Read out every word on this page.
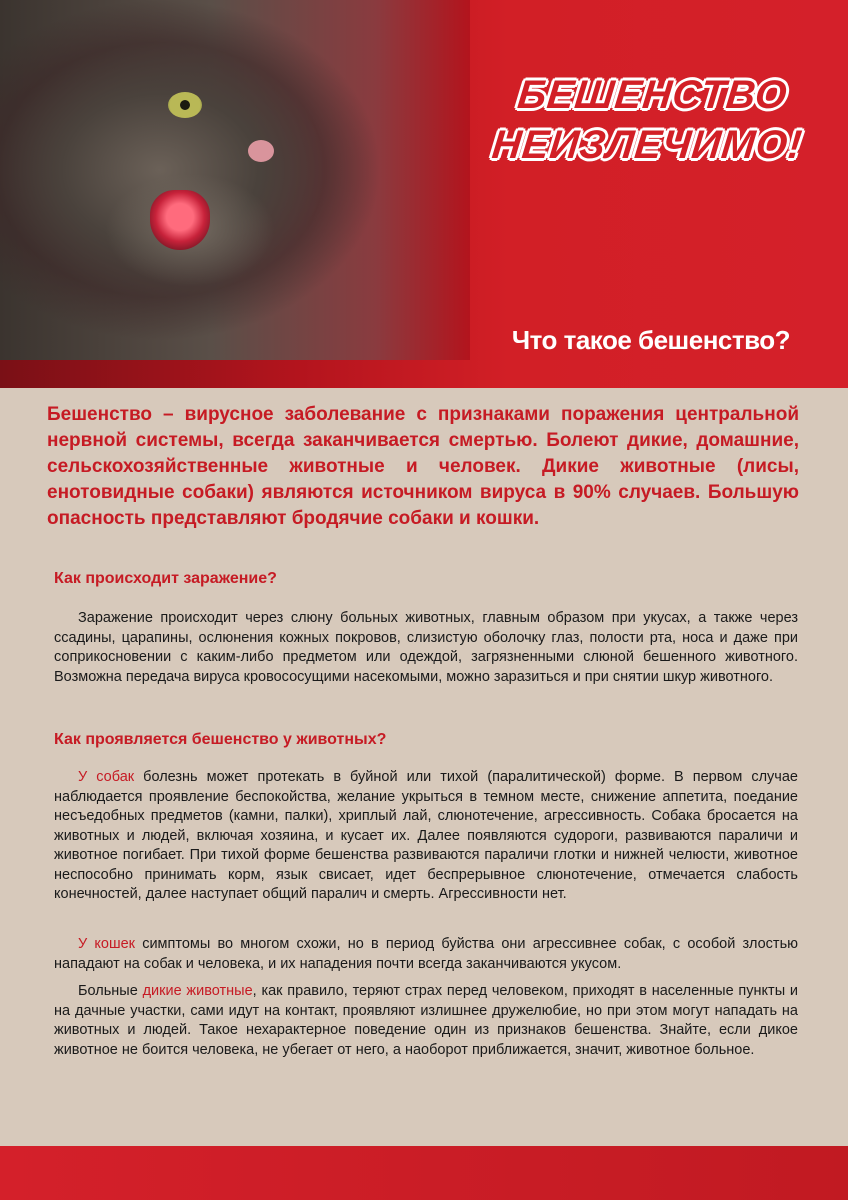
БЕШЕНСТВО
НЕИЗЛЕЧИМО!
Что такое бешенство?

Бешенство – вирусное заболевание с признаками поражения центральной нервной системы, всегда заканчивается смертью. Болеют дикие, домашние, сельскохозяйственные животные и человек. Дикие животные (лисы, енотовидные собаки) являются источником вируса в 90% случаев. Большую опасность представляют бродячие собаки и кошки.

Как происходит заражение?

Заражение происходит через слюну больных животных, главным образом при укусах, а также через ссадины, царапины, ослюнения кожных покровов, слизистую оболочку глаз, полости рта, носа и даже при соприкосновении с каким-либо предметом или одеждой, загрязненными слюной бешенного животного. Возможна передача вируса кровососущими насекомыми, можно заразиться и при снятии шкур животного.

Как проявляется бешенство у животных?

У собак болезнь может протекать в буйной или тихой (паралитической) форме. В первом случае наблюдается проявление беспокойства, желание укрыться в темном месте, снижение аппетита, поедание несъедобных предметов (камни, палки), хриплый лай, слюнотечение, агрессивность. Собака бросается на животных и людей, включая хозяина, и кусает их. Далее появляются судороги, развиваются параличи и животное погибает. При тихой форме бешенства развиваются параличи глотки и нижней челюсти, животное неспособно принимать корм, язык свисает, идет беспрерывное слюнотечение, отмечается слабость конечностей, далее наступает общий паралич и смерть. Агрессивности нет.

У кошек симптомы во многом схожи, но в период буйства они агрессивнее собак, с особой злостью нападают на собак и человека, и их нападения почти всегда заканчиваются укусом.

Больные дикие животные, как правило, теряют страх перед человеком, приходят в населенные пункты и на дачные участки, сами идут на контакт, проявляют излишнее дружелюбие, но при этом могут нападать на животных и людей. Такое нехарактерное поведение один из признаков бешенства. Знайте, если дикое животное не боится человека, не убегает от него, а наоборот приближается, значит, животное больное.
